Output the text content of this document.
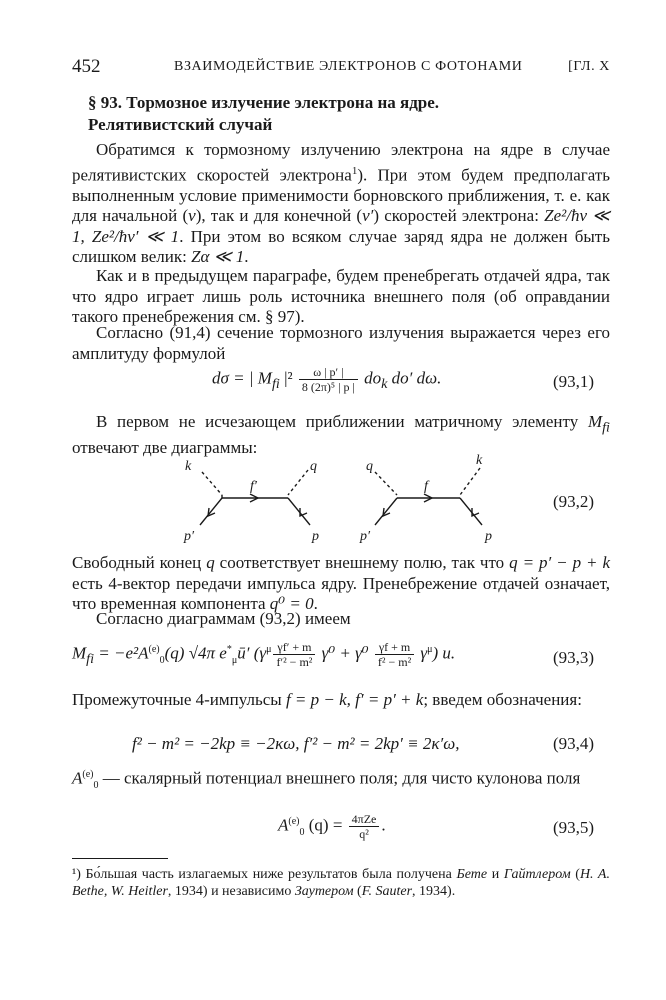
452	ВЗАИМОДЕЙСТВИЕ ЭЛЕКТРОНОВ С ФОТОНАМИ	[ГЛ. X
§ 93. Тормозное излучение электрона на ядре.
Релятивистский случай
Обратимся к тормозному излучению электрона на ядре в случае релятивистских скоростей электрона$^1$). При этом будем предполагать выполненным условие применимости борновского приближения, т. е. как для начальной (v), так и для конечной (v′) скоростей электрона: Ze²/ħv ≪ 1, Ze²/ħv′ ≪ 1. При этом во всяком случае заряд ядра не должен быть слишком велик: Zα ≪ 1.
Как и в предыдущем параграфе, будем пренебрегать отдачей ядра, так что ядро играет лишь роль источника внешнего поля (об оправдании такого пренебрежения см. § 97).
Согласно (91,4) сечение тормозного излучения выражается через его амплитуду формулой
dσ = | $M_{fi}$ $|^2 \frac{\omega | p' |}{\text{8 (2π)⁵ | p |}} do_k$ do′ dω.	(93,1)
В первом не исчезающем приближении матричному элементу $M_{fi}$ отвечают две диаграммы:
k	q
f′
p′	p
q	k
f
p′	p
(93,2)
Свободный конец q соответствует внешнему полю, так что q = p′ − p + k есть 4-вектор передачи импульса ядру. Пренебрежение отдачей означает, что временная компонента q⁰ = 0.
Согласно диаграммам (93,2) имеем
$M_{fi} = -e^2A^{(e)}_0(q)$ √4π $e^*_\mu ū'$ $(\gamma^\mu \frac{\gamma f' + m}{\text{f′² − m²}} \gamma^0 + \gamma^0 \frac{\gamma f + m}{\text{f² − m²}} \gamma^\mu)$ u.	(93,3)
Промежуточные 4-импульсы f = p − k, f′ = p′ + k; введем обозначения:
f² − m² = −2kp ≡ −2κω, f′² − m² = 2kp′ ≡ 2κ′ω,	(93,4)
$A^{(e)}_0$ — скалярный потенциал внешнего поля; для чисто кулонова поля
$A^{(e)}_0$ $(q) = \frac{\text{4πZe}}{\text{q²}}$ .	(93,5)
¹) Бо́льшая часть излагаемых ниже результатов была получена Бете и Гайтлером (H. A. Bethe, W. Heitler, 1934) и независимо Заутером (F. Sauter, 1934).
